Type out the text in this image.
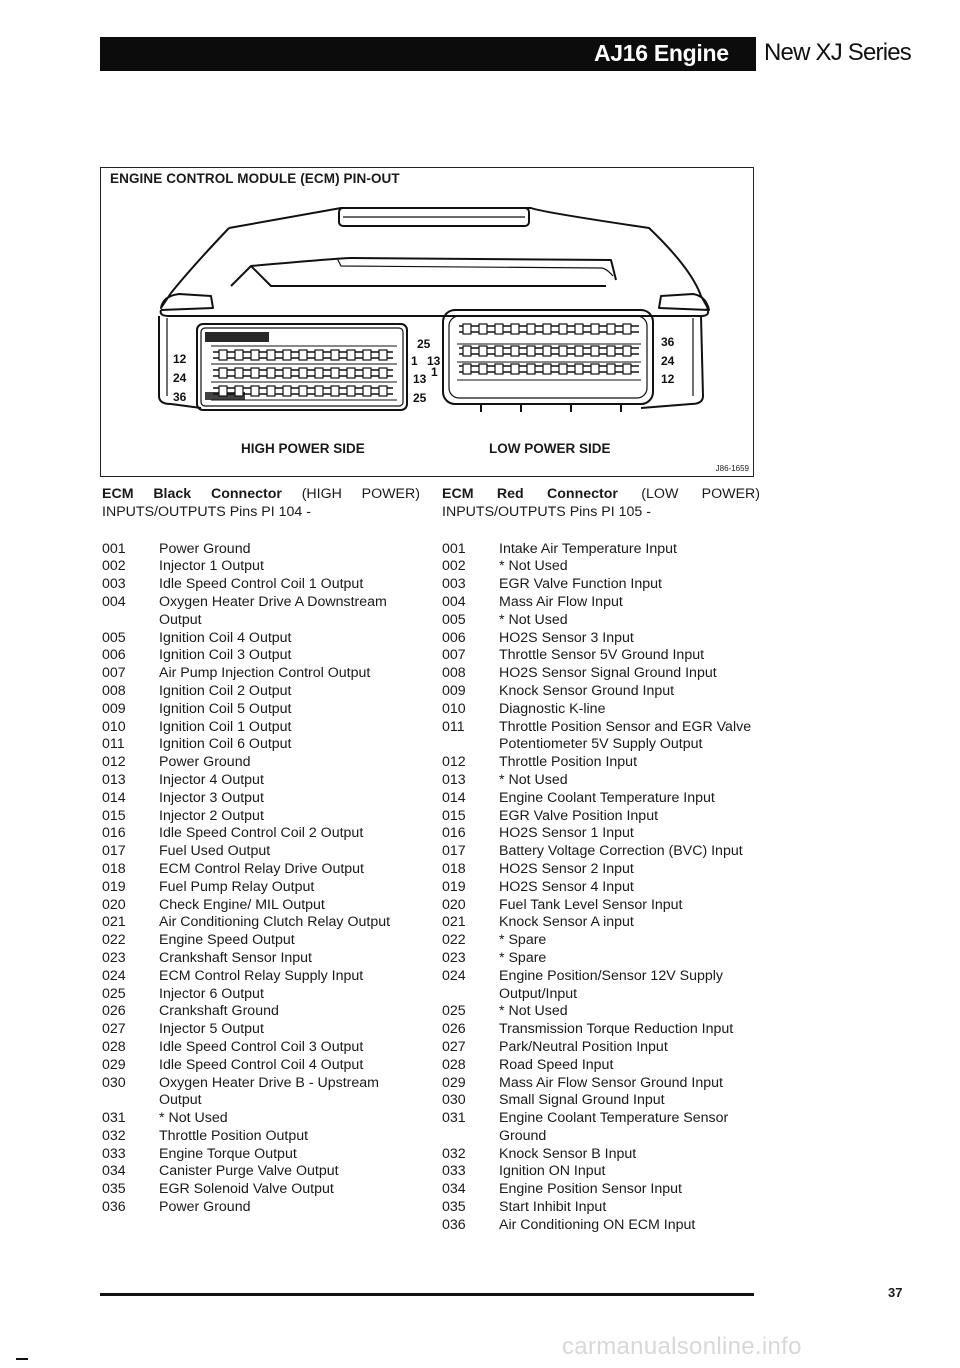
AJ16 Engine New XJ Series
ENGINE CONTROL MODULE (ECM) PIN-OUT
12
24
36
25
1 13
13 1
25
36
24
12
HIGH POWER SIDE	LOW POWER SIDE
J86-1659
ECM Black Connector (HIGH POWER)
INPUTS/OUTPUTS Pins PI 104 -
001	Power Ground
002	Injector 1 Output
003	Idle Speed Control Coil 1 Output
004	Oxygen Heater Drive A Downstream Output
005	Ignition Coil 4 Output
006	Ignition Coil 3 Output
007	Air Pump Injection Control Output
008	Ignition Coil 2 Output
009	Ignition Coil 5 Output
010	Ignition Coil 1 Output
011	Ignition Coil 6 Output
012	Power Ground
013	Injector 4 Output
014	Injector 3 Output
015	Injector 2 Output
016	Idle Speed Control Coil 2 Output
017	Fuel Used Output
018	ECM Control Relay Drive Output
019	Fuel Pump Relay Output
020	Check Engine/ MIL Output
021	Air Conditioning Clutch Relay Output
022	Engine Speed Output
023	Crankshaft Sensor Input
024	ECM Control Relay Supply Input
025	Injector 6 Output
026	Crankshaft Ground
027	Injector 5 Output
028	Idle Speed Control Coil 3 Output
029	Idle Speed Control Coil 4 Output
030	Oxygen Heater Drive B - Upstream Output
031	* Not Used
032	Throttle Position Output
033	Engine Torque Output
034	Canister Purge Valve Output
035	EGR Solenoid Valve Output
036	Power Ground
ECM Red Connector (LOW POWER)
INPUTS/OUTPUTS Pins PI 105 -
001	Intake Air Temperature Input
002	* Not Used
003	EGR Valve Function Input
004	Mass Air Flow Input
005	* Not Used
006	HO2S Sensor 3 Input
007	Throttle Sensor 5V Ground Input
008	HO2S Sensor Signal Ground Input
009	Knock Sensor Ground Input
010	Diagnostic K-line
011	Throttle Position Sensor and EGR Valve Potentiometer 5V Supply Output
012	Throttle Position Input
013	* Not Used
014	Engine Coolant Temperature Input
015	EGR Valve Position Input
016	HO2S Sensor 1 Input
017	Battery Voltage Correction (BVC) Input
018	HO2S Sensor 2 Input
019	HO2S Sensor 4 Input
020	Fuel Tank Level Sensor Input
021	Knock Sensor A input
022	* Spare
023	* Spare
024	Engine Position/Sensor 12V Supply Output/Input
025	* Not Used
026	Transmission Torque Reduction Input
027	Park/Neutral Position Input
028	Road Speed Input
029	Mass Air Flow Sensor Ground Input
030	Small Signal Ground Input
031	Engine Coolant Temperature Sensor Ground
032	Knock Sensor B Input
033	Ignition ON Input
034	Engine Position Sensor Input
035	Start Inhibit Input
036	Air Conditioning ON ECM Input
37
carmanualsonline.info
